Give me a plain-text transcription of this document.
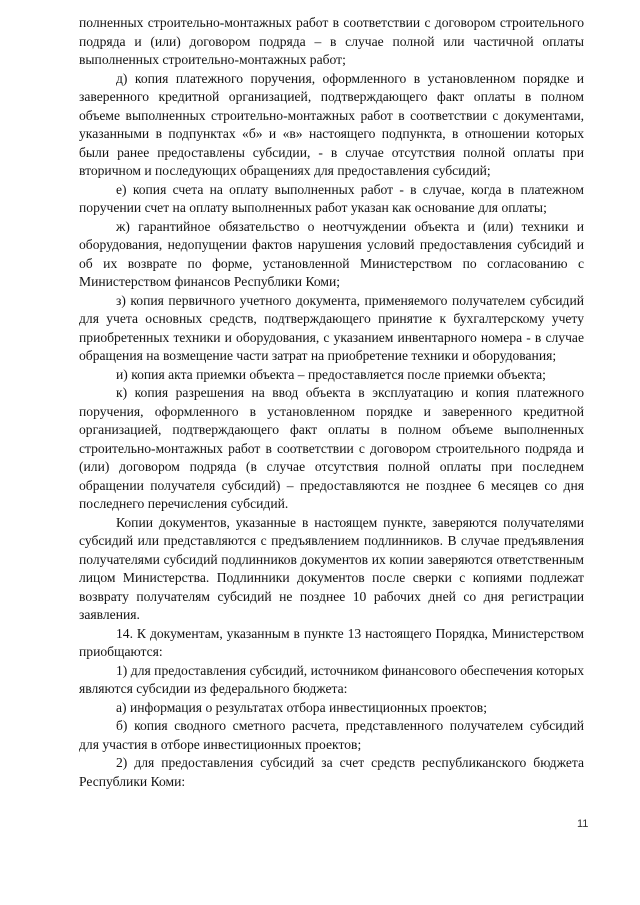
полненных строительно-монтажных работ в соответствии с договором строительного подряда и (или) договором подряда – в случае полной или частичной оплаты выполненных строительно-монтажных работ;

д) копия платежного поручения, оформленного в установленном порядке и заверенного кредитной организацией, подтверждающего факт оплаты в полном объеме выполненных строительно-монтажных работ в соответствии с документами, указанными в подпунктах «б» и «в» настоящего подпункта, в отношении которых были ранее предоставлены субсидии, - в случае отсутствия полной оплаты при вторичном и последующих обращениях для предоставления субсидий;

е) копия счета на оплату выполненных работ - в случае, когда в платежном поручении счет на оплату выполненных работ указан как основание для оплаты;

ж) гарантийное обязательство о неотчуждении объекта и (или) техники и оборудования, недопущении фактов нарушения условий предоставления субсидий и об их возврате по форме, установленной Министерством по согласованию с Министерством финансов Республики Коми;

з) копия первичного учетного документа, применяемого получателем субсидий для учета основных средств, подтверждающего принятие к бухгалтерскому учету приобретенных техники и оборудования, с указанием инвентарного номера - в случае обращения на возмещение части затрат на приобретение техники и оборудования;

и) копия акта приемки объекта – предоставляется после приемки объекта;

к) копия разрешения на ввод объекта в эксплуатацию и копия платежного поручения, оформленного в установленном порядке и заверенного кредитной организацией, подтверждающего факт оплаты в полном объеме выполненных строительно-монтажных работ в соответствии с договором строительного подряда и (или) договором подряда (в случае отсутствия полной оплаты при последнем обращении получателя субсидий) – предоставляются не позднее 6 месяцев со дня последнего перечисления субсидий.

Копии документов, указанные в настоящем пункте, заверяются получателями субсидий или представляются с предъявлением подлинников. В случае предъявления получателями субсидий подлинников документов их копии заверяются ответственным лицом Министерства. Подлинники документов после сверки с копиями подлежат возврату получателям субсидий не позднее 10 рабочих дней со дня регистрации заявления.

14. К документам, указанным в пункте 13 настоящего Порядка, Министерством приобщаются:

1) для предоставления субсидий, источником финансового обеспечения которых являются субсидии из федерального бюджета:

а) информация о результатах отбора инвестиционных проектов;

б) копия сводного сметного расчета, представленного получателем субсидий для участия в отборе инвестиционных проектов;

2) для предоставления субсидий за счет средств республиканского бюджета Республики Коми:

11
